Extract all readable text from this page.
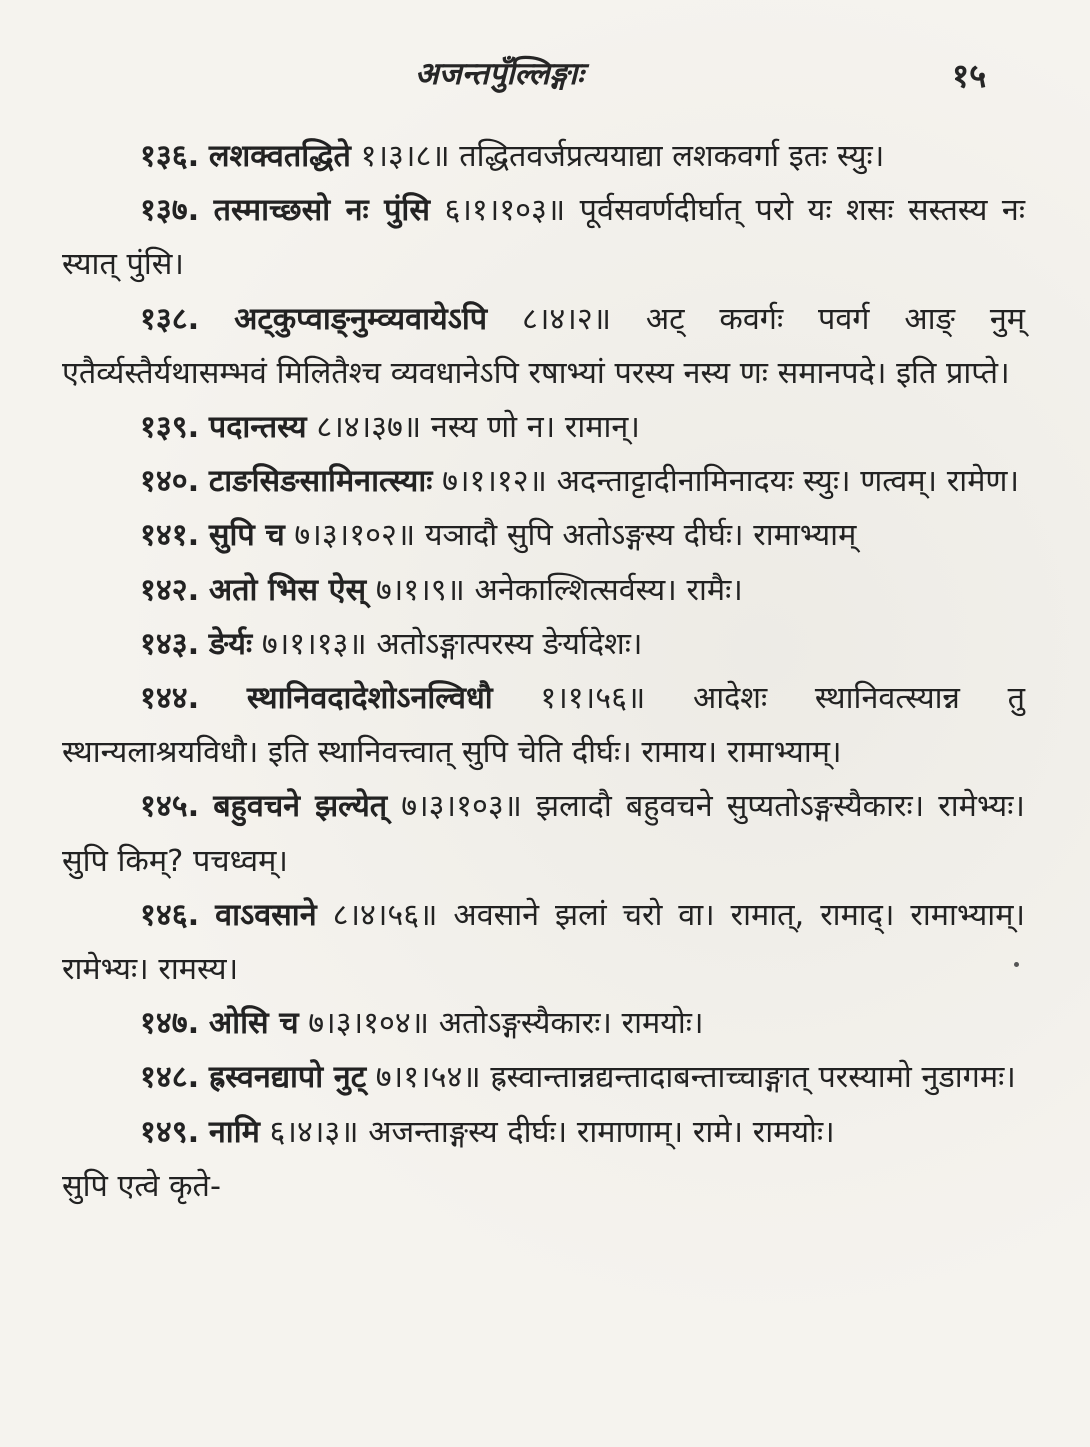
अजन्तपुँल्लिङ्गाः	१५

१३६. लशक्वतद्धिते १।३।८॥ तद्धितवर्जप्रत्ययाद्या लशकवर्गा इतः स्युः।

१३७. तस्माच्छसो नः पुंसि ६।१।१०३॥ पूर्वसवर्णदीर्घात् परो यः शसः सस्तस्य नः स्यात् पुंसि।

१३८. अट्कुप्वाङ्नुम्व्यवायेऽपि ८।४।२॥ अट् कवर्गः पवर्ग आङ् नुम् एतैर्व्यस्तैर्यथासम्भवं मिलितैश्च व्यवधानेऽपि रषाभ्यां परस्य नस्य णः समानपदे। इति प्राप्ते।

१३९. पदान्तस्य ८।४।३७॥ नस्य णो न। रामान्।

१४०. टाङसिङसामिनात्स्याः ७।१।१२॥ अदन्ताट्टादीनामिनादयः स्युः। णत्वम्। रामेण।

१४१. सुपि च ७।३।१०२॥ यञादौ सुपि अतोऽङ्गस्य दीर्घः। रामाभ्याम्

१४२. अतो भिस ऐस् ७।१।९॥ अनेकाल्शित्सर्वस्य। रामैः।

१४३. ङेर्यः ७।१।१३॥ अतोऽङ्गात्परस्य ङेर्यादेशः।

१४४. स्थानिवदादेशोऽनल्विधौ १।१।५६॥ आदेशः स्थानिवत्स्यान्न तु स्थान्यलाश्रयविधौ। इति स्थानिवत्त्वात् सुपि चेति दीर्घः। रामाय। रामाभ्याम्।

१४५. बहुवचने झल्येत् ७।३।१०३॥ झलादौ बहुवचने सुप्यतोऽङ्गस्यैकारः। रामेभ्यः। सुपि किम्? पचध्वम्।

१४६. वाऽवसाने ८।४।५६॥ अवसाने झलां चरो वा। रामात्, रामाद्। रामाभ्याम्। रामेभ्यः। रामस्य।

१४७. ओसि च ७।३।१०४॥ अतोऽङ्गस्यैकारः। रामयोः।

१४८. ह्रस्वनद्यापो नुट् ७।१।५४॥ ह्रस्वान्तान्नद्यन्तादाबन्ताच्चाङ्गात् परस्यामो नुडागमः।

१४९. नामि ६।४।३॥ अजन्ताङ्गस्य दीर्घः। रामाणाम्। रामे। रामयोः।

सुपि एत्वे कृते-
